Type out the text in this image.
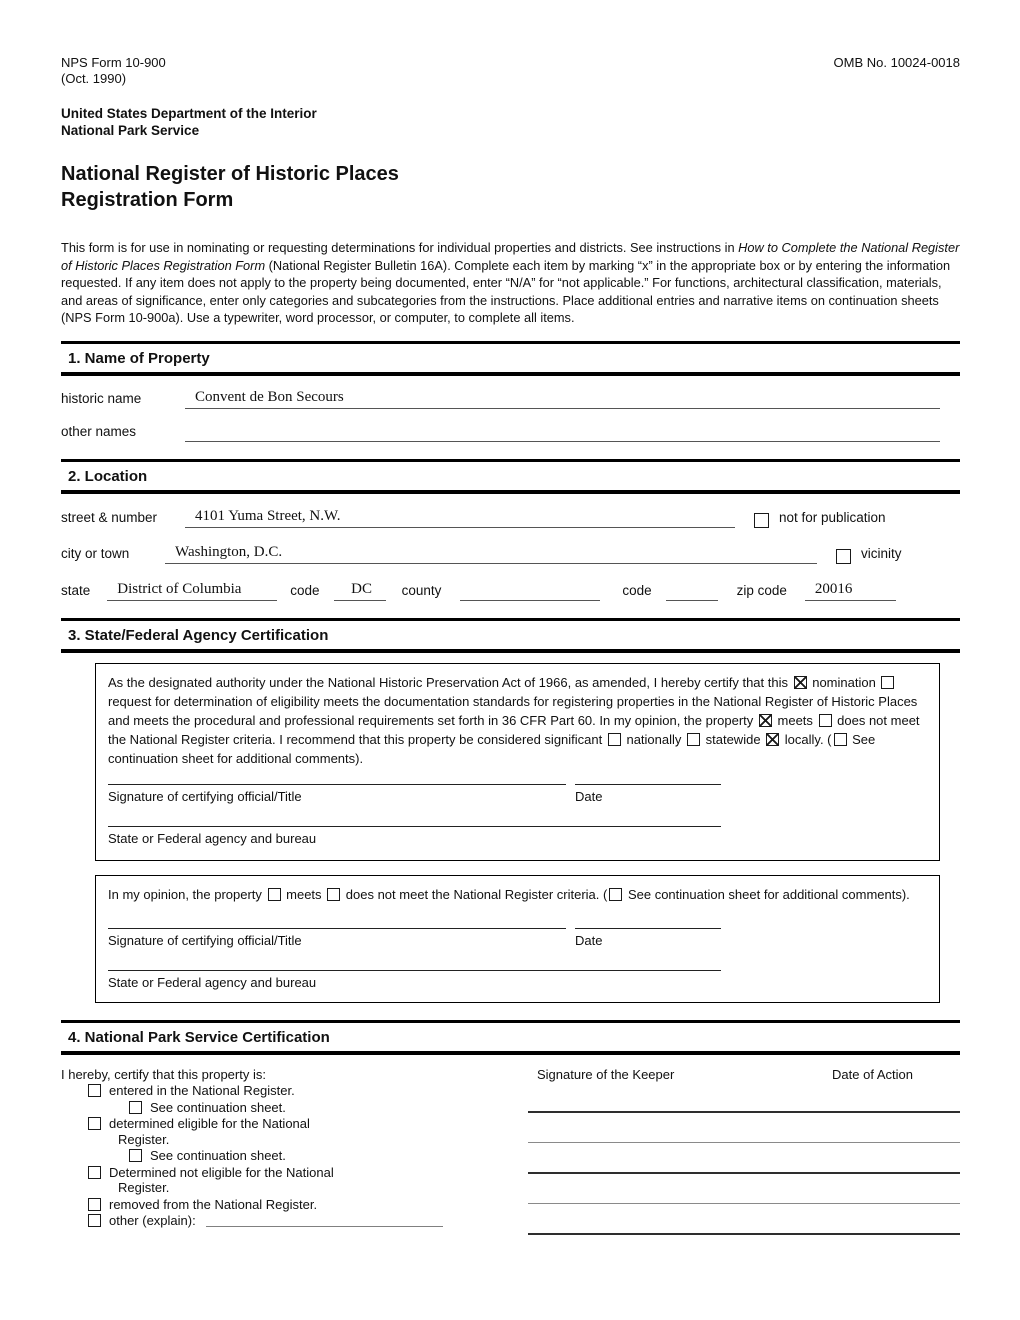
NPS Form 10-900
(Oct. 1990)
OMB No. 10024-0018
United States Department of the Interior
National Park Service
National Register of Historic Places
Registration Form
This form is for use in nominating or requesting determinations for individual properties and districts. See instructions in How to Complete the National Register of Historic Places Registration Form (National Register Bulletin 16A). Complete each item by marking “x” in the appropriate box or by entering the information requested. If any item does not apply to the property being documented, enter “N/A” for “not applicable.” For functions, architectural classification, materials, and areas of significance, enter only categories and subcategories from the instructions. Place additional entries and narrative items on continuation sheets (NPS Form 10-900a). Use a typewriter, word processor, or computer, to complete all items.
1. Name of Property
historic name	Convent de Bon Secours
other names
2. Location
street & number	4101 Yuma Street, N.W.	not for publication
city or town	Washington, D.C.	vicinity
state	District of Columbia	code	DC	county	code	zip code	20016
3. State/Federal Agency Certification
As the designated authority under the National Historic Preservation Act of 1966, as amended, I hereby certify that this  nomination  request for determination of eligibility meets the documentation standards for registering properties in the National Register of Historic Places and meets the procedural and professional requirements set forth in 36 CFR Part 60. In my opinion, the property  meets  does not meet the National Register criteria. I recommend that this property be considered significant  nationally  statewide  locally. ( See continuation sheet for additional comments).
Signature of certifying official/Title	Date
State or Federal agency and bureau
In my opinion, the property  meets  does not meet the National Register criteria. ( See continuation sheet for additional comments).
Signature of certifying official/Title	Date
State or Federal agency and bureau
4. National Park Service Certification
I hereby, certify that this property is:
entered in the National Register.
See continuation sheet.
determined eligible for the National
Register.
See continuation sheet.
Determined not eligible for the National
Register.
removed from the National Register.
other (explain):
Signature of the Keeper	Date of Action
